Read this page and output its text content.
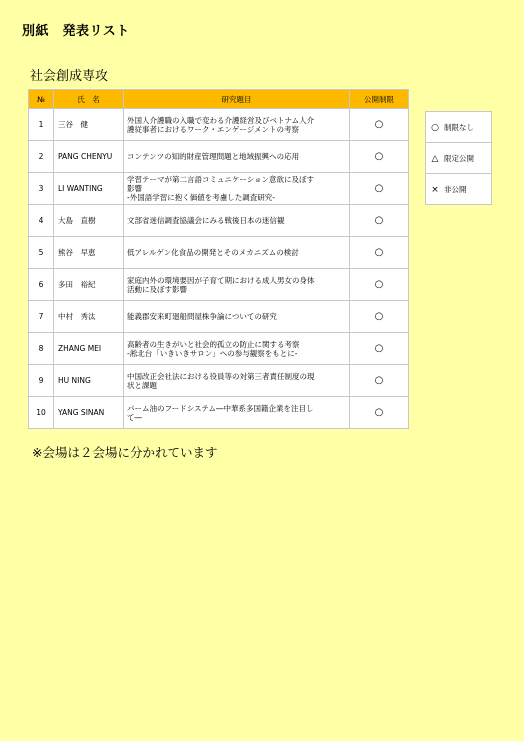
別紙　発表リスト
社会創成専攻
№	氏　名	研究題目	公開制限
1	三谷　健	外国人介護職の入職で変わる介護経営及びベトナム人介
護従事者におけるワーク・エンゲージメントの考察	○
2	PANG CHENYU	コンテンツの知的財産管理問題と地域振興への応用	○
3	LI WANTING	学習テーマが第二言語コミュニケーション意欲に及ぼす
影響
-外国語学習に抱く価値を考慮した調査研究-	○
4	大島　直樹	文部省迷信調査協議会にみる戦後日本の迷信観	○
5	熊谷　早恵	低アレルゲン化食品の開発とそのメカニズムの検討	○
6	多田　裕紀	家庭内外の環境要因が子育て期における成人男女の身体
活動に及ぼす影響	○
7	中村　秀汰	能義郡安来町廻船問屋株争論についての研究	○
8	ZHANG MEI	高齢者の生きがいと社会的孤立の防止に関する考察
-淞北台「いきいきサロン」への参与観察をもとに-	○
9	HU NING	中国改正会社法における役員等の対第三者責任制度の現
状と課題	○
10	YANG SINAN	パーム油のフードシステム―中華系多国籍企業を注目し
て―	○
○ 制限なし
△ 限定公開
× 非公開
※会場は２会場に分かれています
